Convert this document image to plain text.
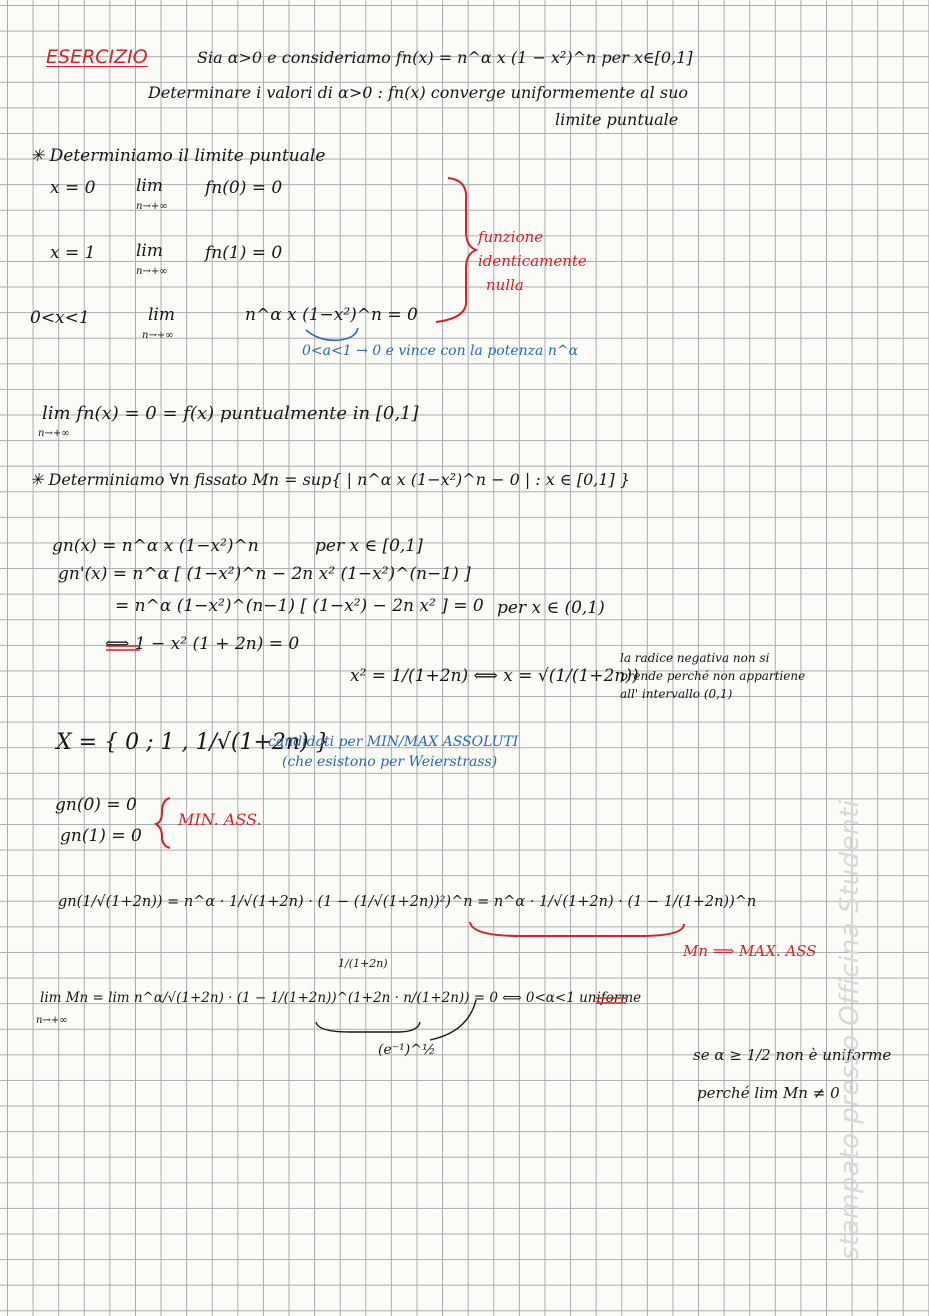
ESERCIZIO	Sia α>0 e consideriamo fn(x) = n^α x (1 − x²)^n per x∈[0,1]
Determinare i valori di α>0 : fn(x) converge uniformemente al suo
limite puntuale
✳ Determiniamo il limite puntuale
x = 0 lim
n→+∞
fn(0) = 0
x = 1 lim
n→+∞
fn(1) = 0
0<x<1	lim
n→+∞
n^α x (1−x²)^n = 0
funzione
identicamente
nulla
0<a<1 → 0 e vince con la potenza n^α
lim fn(x) = 0 = f(x) puntualmente in [0,1]
n→+∞
✳ Determiniamo ∀n fissato Mn = sup{ | n^α x (1−x²)^n − 0 | : x ∈ [0,1] }
gn(x) = n^α x (1−x²)^n	per x ∈ [0,1]
gn'(x) = n^α [ (1−x²)^n − 2n x² (1−x²)^(n−1) ]
= n^α (1−x²)^(n−1) [ (1−x²) − 2n x² ] = 0 per x ∈ (0,1)
⟺ 1 − x² (1 + 2n) = 0
x² = 1/(1+2n) ⟺ x = √(1/(1+2n))
la radice negativa non si
prende perché non appartiene
all' intervallo (0,1)
X = { 0 ; 1 , 1/√(1+2n) }
candidati per MIN/MAX ASSOLUTI
(che esistono per Weierstrass)
gn(0) = 0
gn(1) = 0
MIN. ASS.
gn(1/√(1+2n)) = n^α · 1/√(1+2n) · (1 − (1/√(1+2n))²)^n = n^α · 1/√(1+2n) · (1 − 1/(1+2n))^n
1/(1+2n)
Mn ⟹ MAX. ASS
lim Mn = lim n^α/√(1+2n) · (1 − 1/(1+2n))^(1+2n · n/(1+2n)) = 0 ⟺ 0<α<1 uniforme
n→+∞
(e⁻¹)^½	se α ≥ 1/2 non è uniforme
perché lim Mn ≠ 0
stampato presso Officina Studenti
